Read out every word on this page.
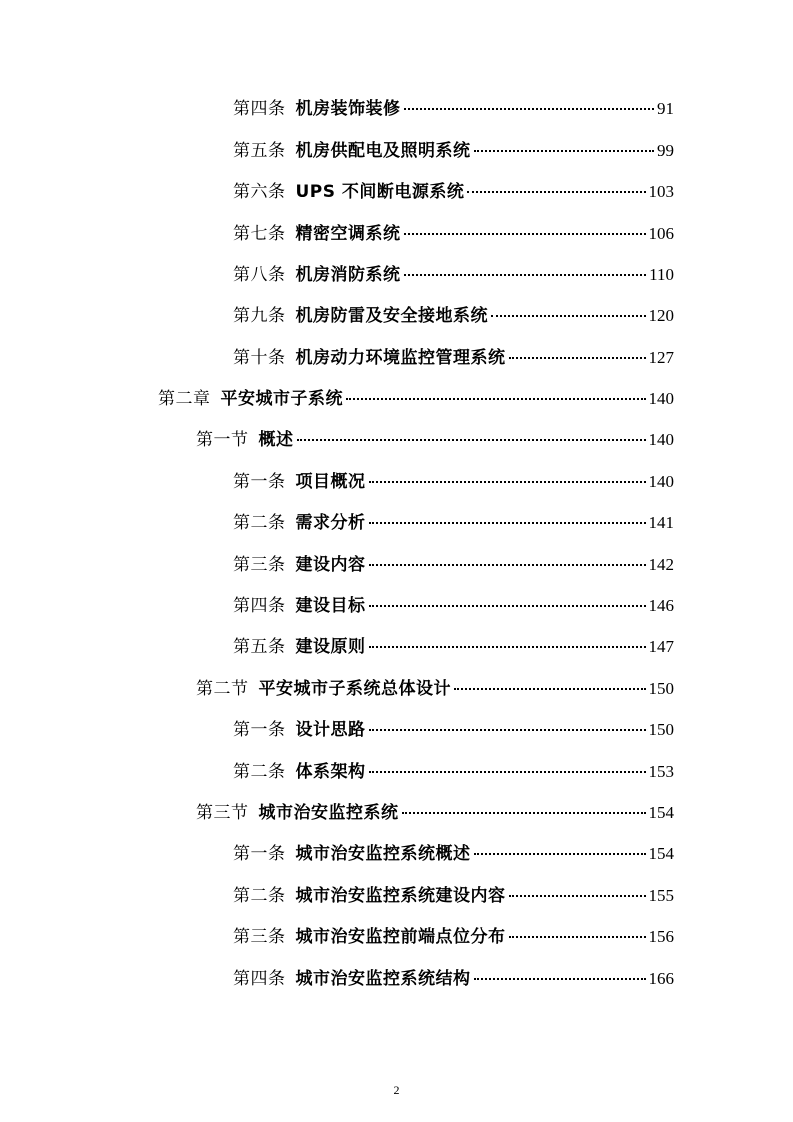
第四条 机房装饰装修	91
第五条 机房供配电及照明系统	99
第六条 UPS 不间断电源系统	103
第七条 精密空调系统	106
第八条 机房消防系统	110
第九条 机房防雷及安全接地系统	120
第十条 机房动力环境监控管理系统	127
第二章 平安城市子系统	140
第一节 概述	140
第一条 项目概况	140
第二条 需求分析	141
第三条 建设内容	142
第四条 建设目标	146
第五条 建设原则	147
第二节 平安城市子系统总体设计	150
第一条 设计思路	150
第二条 体系架构	153
第三节 城市治安监控系统	154
第一条 城市治安监控系统概述	154
第二条 城市治安监控系统建设内容	155
第三条 城市治安监控前端点位分布	156
第四条 城市治安监控系统结构	166
2
